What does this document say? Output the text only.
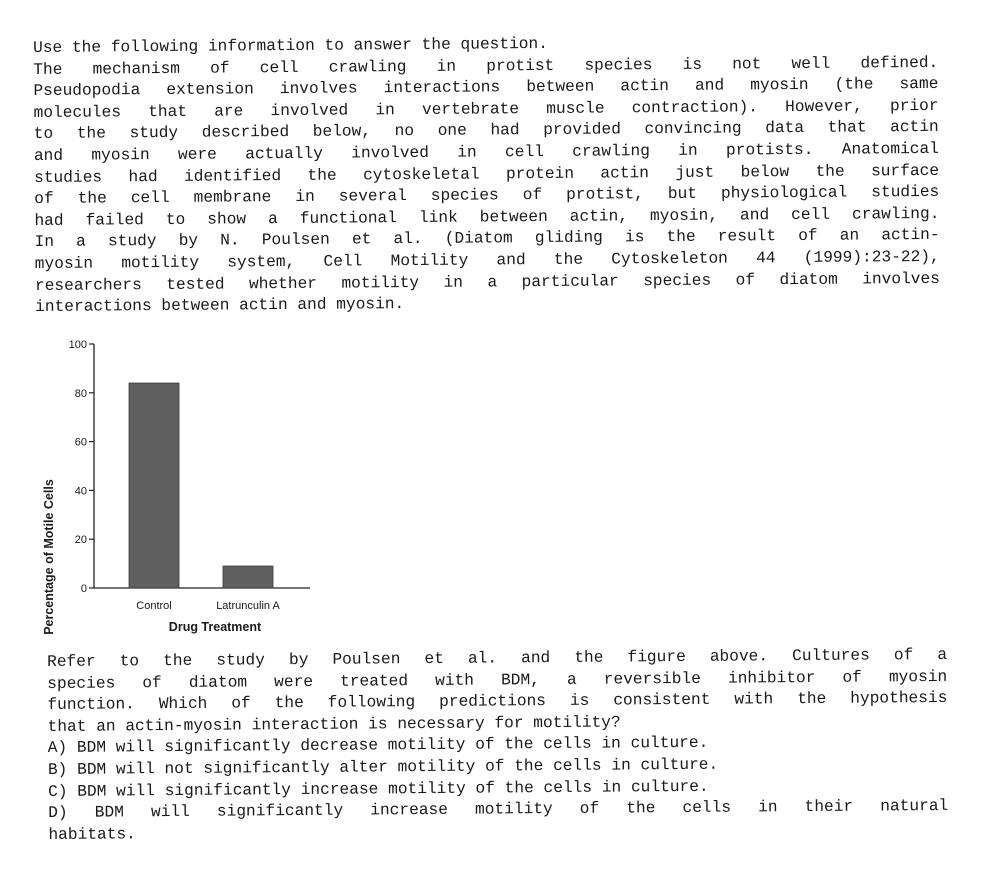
Use the following information to answer the question.
The mechanism of cell crawling in protist species is not well defined.
Pseudopodia extension involves interactions between actin and myosin (the same
molecules that are involved in vertebrate muscle contraction). However, prior
to the study described below, no one had provided convincing data that actin
and myosin were actually involved in cell crawling in protists. Anatomical
studies had identified the cytoskeletal protein actin just below the surface
of the cell membrane in several species of protist, but physiological studies
had failed to show a functional link between actin, myosin, and cell crawling.
In a study by N. Poulsen et al. (Diatom gliding is the result of an actin-
myosin motility system, Cell Motility and the Cytoskeleton 44 (1999):23-22),
researchers tested whether motility in a particular species of diatom involves
interactions between actin and myosin.

Percentage of Motile Cells	Drug Treatment
0
20
40
60
80
100
Control	Latrunculin A

Refer to the study by Poulsen et al. and the figure above. Cultures of a
species of diatom were treated with BDM, a reversible inhibitor of myosin
function. Which of the following predictions is consistent with the hypothesis
that an actin-myosin interaction is necessary for motility?

A) BDM will significantly decrease motility of the cells in culture.
B) BDM will not significantly alter motility of the cells in culture.
C) BDM will significantly increase motility of the cells in culture.
D) BDM will significantly increase motility of the cells in their natural
habitats.
